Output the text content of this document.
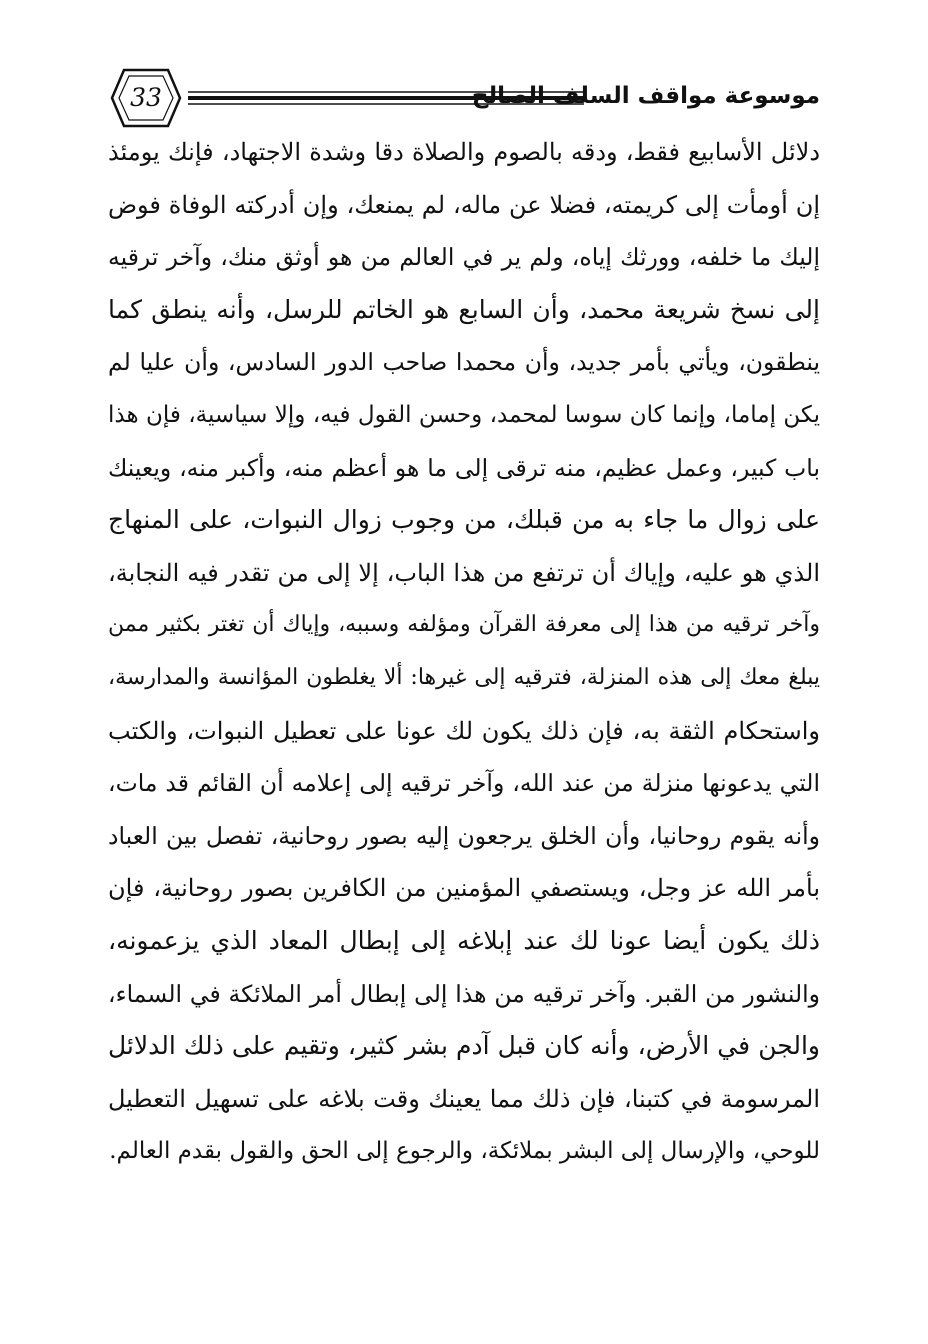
33	موسوعة مواقف السلف الصالح
دلائل الأسابيع فقط، ودقه بالصوم والصلاة دقا وشدة الاجتهاد، فإنك يومئذ
إن أومأت إلى كريمته، فضلا عن ماله، لم يمنعك، وإن أدركته الوفاة فوض
إليك ما خلفه، وورثك إياه، ولم ير في العالم من هو أوثق منك، وآخر ترقيه
إلى نسخ شريعة محمد، وأن السابع هو الخاتم للرسل، وأنه ينطق كما
ينطقون، ويأتي بأمر جديد، وأن محمدا صاحب الدور السادس، وأن عليا لم
يكن إماما، وإنما كان سوسا لمحمد، وحسن القول فيه، وإلا سياسية، فإن هذا
باب كبير، وعمل عظيم، منه ترقى إلى ما هو أعظم منه، وأكبر منه، ويعينك
على زوال ما جاء به من قبلك، من وجوب زوال النبوات، على المنهاج
الذي هو عليه، وإياك أن ترتفع من هذا الباب، إلا إلى من تقدر فيه النجابة،
وآخر ترقيه من هذا إلى معرفة القرآن ومؤلفه وسببه، وإياك أن تغتر بكثير ممن
يبلغ معك إلى هذه المنزلة، فترقيه إلى غيرها: ألا يغلطون المؤانسة والمدارسة،
واستحكام الثقة به، فإن ذلك يكون لك عونا على تعطيل النبوات، والكتب
التي يدعونها منزلة من عند الله، وآخر ترقيه إلى إعلامه أن القائم قد مات،
وأنه يقوم روحانيا، وأن الخلق يرجعون إليه بصور روحانية، تفصل بين العباد
بأمر الله عز وجل، ويستصفي المؤمنين من الكافرين بصور روحانية، فإن
ذلك يكون أيضا عونا لك عند إبلاغه إلى إبطال المعاد الذي يزعمونه،
والنشور من القبر. وآخر ترقيه من هذا إلى إبطال أمر الملائكة في السماء،
والجن في الأرض، وأنه كان قبل آدم بشر كثير، وتقيم على ذلك الدلائل
المرسومة في كتبنا، فإن ذلك مما يعينك وقت بلاغه على تسهيل التعطيل
للوحي، والإرسال إلى البشر بملائكة، والرجوع إلى الحق والقول بقدم العالم.
